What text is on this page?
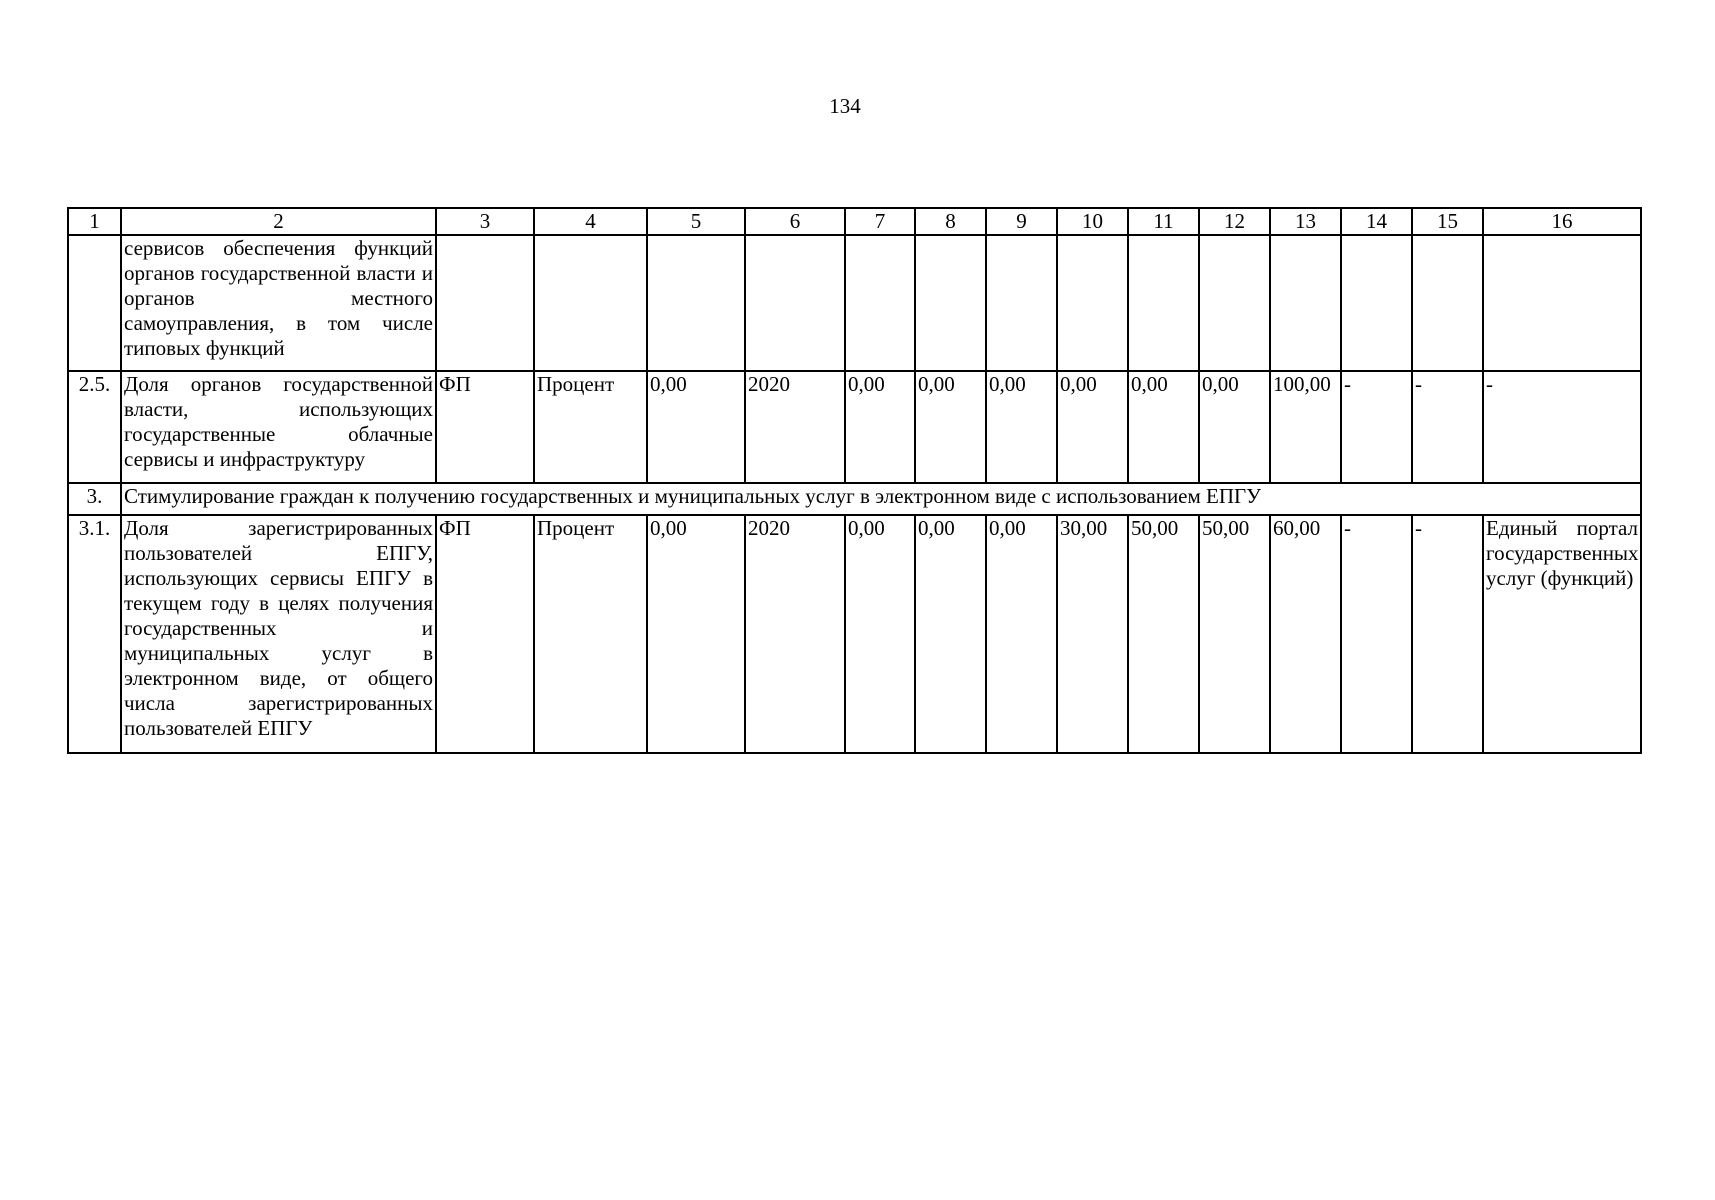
134
1	2	3	4	5	6	7	8	9	10	11	12	13	14	15	16
	сервисов обеспечения функций органов государственной власти и органов местного самоуправления, в том числе типовых функций														
2.5.	Доля органов государственной власти, использующих государственные облачные сервисы и инфраструктуру	ФП	Процент	0,00	2020	0,00	0,00	0,00	0,00	0,00	0,00	100,00	-	-	-
3.	Стимулирование граждан к получению государственных и муниципальных услуг в электронном виде с использованием ЕПГУ														
3.1.	Доля зарегистрированных пользователей ЕПГУ, использующих сервисы ЕПГУ в текущем году в целях получения государственных и муниципальных услуг в электронном виде, от общего числа зарегистрированных пользователей ЕПГУ	ФП	Процент	0,00	2020	0,00	0,00	0,00	30,00	50,00	50,00	60,00	-	-	Единый портал государственных услуг (функций)
